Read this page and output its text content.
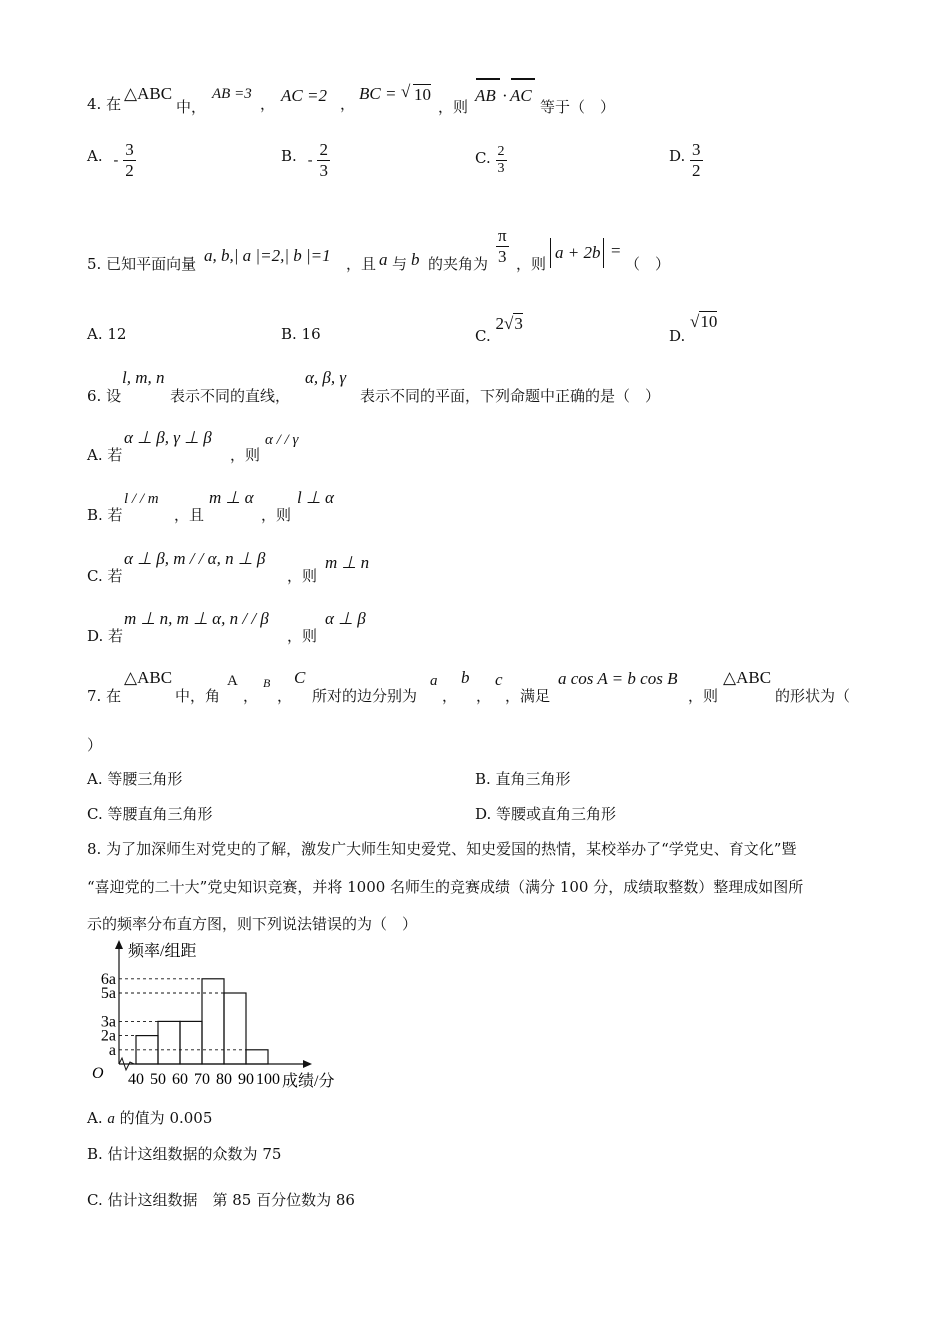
4. 在
△ABC
中，
AB =3
， AC =2 ，
BC = √ 10
，则
AB · AC
等于（　）
A. - $\frac{3}{2}$	B. - $\frac{2}{3}$	C. $\frac{2}{3}$	D. $\frac{3}{2}$
5. 已知平面向量 a, b,| a |=2,| b |=1 ，且 a 与 b 的夹角为 $\frac{\pi}{3}$ ，则
a + 2b =
（　）
A. 12	B. 16	C. 2√3
D. √10
6. 设
l, m, n
表示不同的直线，
α, β, γ
表示不同的平面，下列命题中正确的是（　）
A. 若
α ⊥ β, γ ⊥ β
，则
α / / γ
B. 若
l / / m
，且
m ⊥ α
，则
l ⊥ α
C. 若
α ⊥ β, m / / α, n ⊥ β
，则
m ⊥ n
D. 若
m ⊥ n, m ⊥ α, n / / β
，则
α ⊥ β
7. 在
△ABC
中，角
A
，
B
，
C
所对的边分别为
a
，
b
，
c
，满足
a cos A = b cos B
，则
△ABC
的形状为（
）
A. 等腰三角形	B. 直角三角形
C. 等腰直角三角形	D. 等腰或直角三角形
8. 为了加深师生对党史的了解，激发广大师生知史爱党、知史爱国的热情，某校举办了“学党史、育文化”暨
“喜迎党的二十大”党史知识竞赛，并将 1000 名师生的竞赛成绩（满分 100 分，成绩取整数）整理成如图所
示的频率分布直方图，则下列说法错误的为（　）
a
2a
3a
5a
6a
40 50 60 70 80 90 100
O
频率/组距
成绩/分
A. a 的值为 0.005
B. 估计这组数据的众数为 75
C. 估计这组数据　第 85 百分位数为 86
